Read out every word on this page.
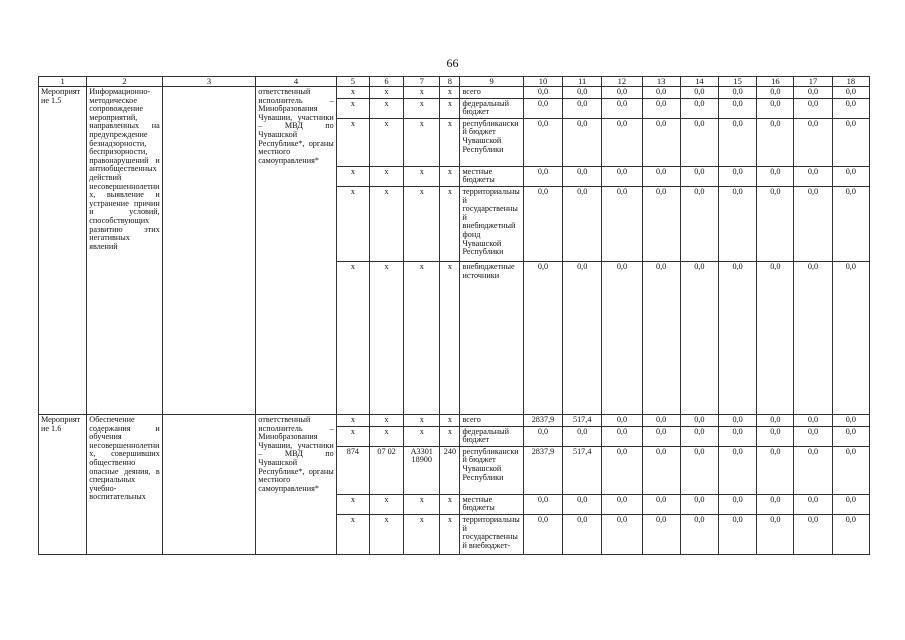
66
1	2	3	4	5	6	7	8	9	10	11	12	13	14	15	16	17	18
Мероприятие 1.5	Информационно-методическое сопровождение мероприятий, направленных на предупреждение безнадзорности, беспризорности, правонарушений и антиобщественных действий несовершеннолетних, выявление и устранение причин и условий, способствующих развитию этих негативных явлений		ответственный исполнитель – Минобразования Чувашии, участники – МВД по Чувашской Республике*, органы местного самоуправления*	x	x	x	x	всего	0,0	0,0	0,0	0,0	0,0	0,0	0,0	0,0	0,0
				x	x	x	x	федеральный бюджет	0,0	0,0	0,0	0,0	0,0	0,0	0,0	0,0	0,0
				x	x	x	x	республиканский бюджет Чувашской Республики	0,0	0,0	0,0	0,0	0,0	0,0	0,0	0,0	0,0
				x	x	x	x	местные бюджеты	0,0	0,0	0,0	0,0	0,0	0,0	0,0	0,0	0,0
				x	x	x	x	территориальный государственный внебюджетный фонд Чувашской Республики	0,0	0,0	0,0	0,0	0,0	0,0	0,0	0,0	0,0
				x	x	x	x	внебюджетные источники	0,0	0,0	0,0	0,0	0,0	0,0	0,0	0,0	0,0
Мероприятие 1.6	Обеспечение содержания и обучения несовершеннолетних, совершивших общественно опасные деяния, в специальных учебно-воспитательных		ответственный исполнитель – Минобразования Чувашии, участники – МВД по Чувашской Республике*, органы местного самоуправления*	x	x	x	x	всего	2837,9	517,4	0,0	0,0	0,0	0,0	0,0	0,0	0,0
				x	x	x	x	федеральный бюджет	0,0	0,0	0,0	0,0	0,0	0,0	0,0	0,0	0,0
				874	07 02	А3301 18900	240	республиканский бюджет Чувашской Республики	2837,9	517,4	0,0	0,0	0,0	0,0	0,0	0,0	0,0
				x	x	x	x	местные бюджеты	0,0	0,0	0,0	0,0	0,0	0,0	0,0	0,0	0,0
				x	x	x	x	территориальный государственный внебюджет-	0,0	0,0	0,0	0,0	0,0	0,0	0,0	0,0	0,0
